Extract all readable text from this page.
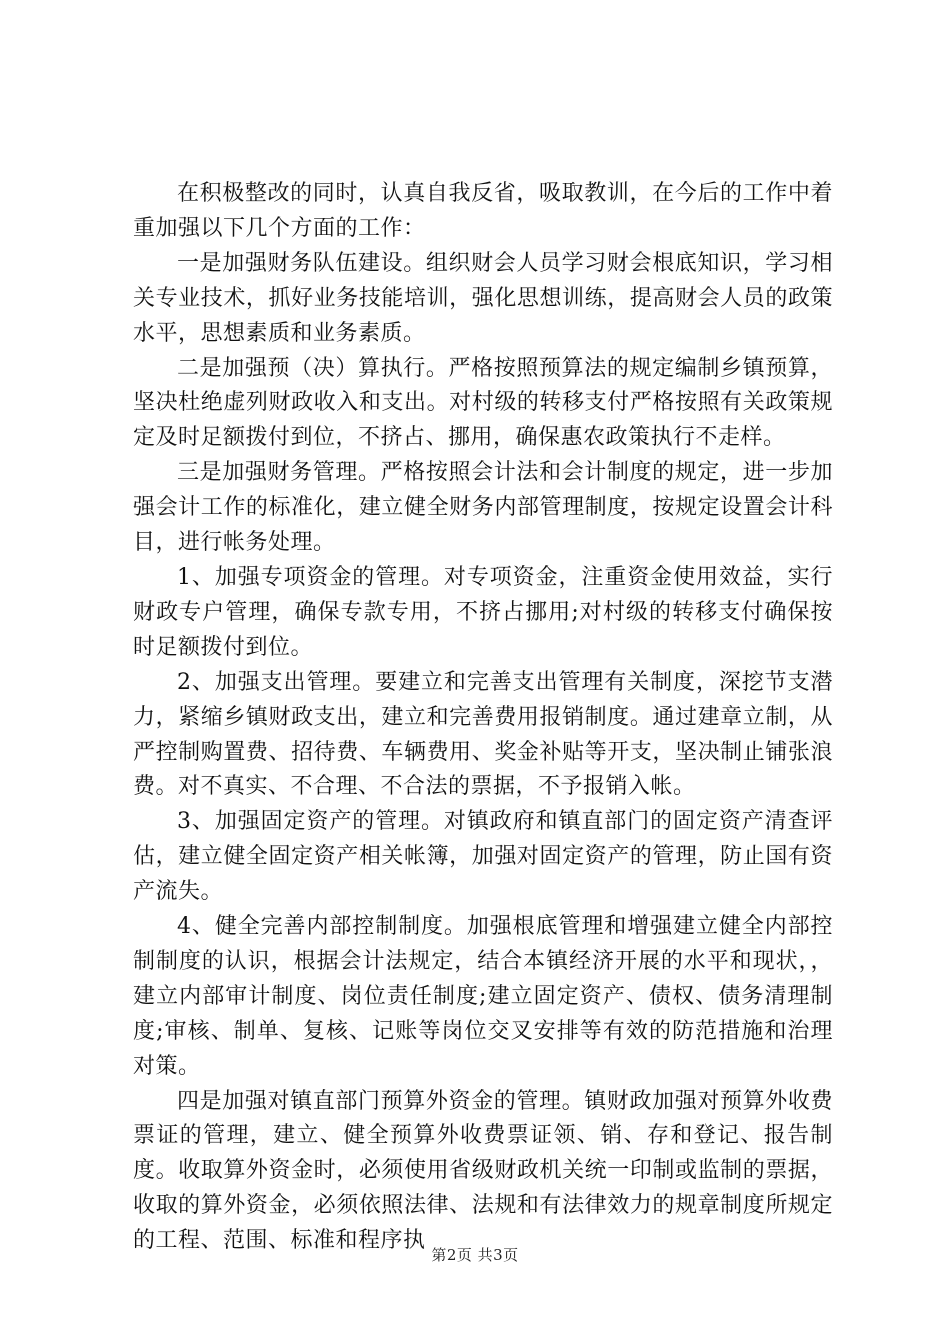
在积极整改的同时，认真自我反省，吸取教训，在今后的工作中着重加强以下几个方面的工作：

一是加强财务队伍建设。组织财会人员学习财会根底知识，学习相关专业技术，抓好业务技能培训，强化思想训练，提高财会人员的政策水平，思想素质和业务素质。

二是加强预（决）算执行。严格按照预算法的规定编制乡镇预算，坚决杜绝虚列财政收入和支出。对村级的转移支付严格按照有关政策规定及时足额拨付到位，不挤占、挪用，确保惠农政策执行不走样。

三是加强财务管理。严格按照会计法和会计制度的规定，进一步加强会计工作的标准化，建立健全财务内部管理制度，按规定设置会计科目，进行帐务处理。

1、加强专项资金的管理。对专项资金，注重资金使用效益，实行财政专户管理，确保专款专用，不挤占挪用;对村级的转移支付确保按时足额拨付到位。

2、加强支出管理。要建立和完善支出管理有关制度，深挖节支潜力，紧缩乡镇财政支出，建立和完善费用报销制度。通过建章立制，从严控制购置费、招待费、车辆费用、奖金补贴等开支，坚决制止铺张浪费。对不真实、不合理、不合法的票据，不予报销入帐。

3、加强固定资产的管理。对镇政府和镇直部门的固定资产清查评估，建立健全固定资产相关帐簿，加强对固定资产的管理，防止国有资产流失。

4、健全完善内部控制制度。加强根底管理和增强建立健全内部控制制度的认识，根据会计法规定，结合本镇经济开展的水平和现状，，建立内部审计制度、岗位责任制度;建立固定资产、债权、债务清理制度;审核、制单、复核、记账等岗位交叉安排等有效的防范措施和治理对策。

四是加强对镇直部门预算外资金的管理。镇财政加强对预算外收费票证的管理，建立、健全预算外收费票证领、销、存和登记、报告制度。收取算外资金时，必须使用省级财政机关统一印制或监制的票据，收取的算外资金，必须依照法律、法规和有法律效力的规章制度所规定的工程、范围、标准和程序执

第2页 共3页
